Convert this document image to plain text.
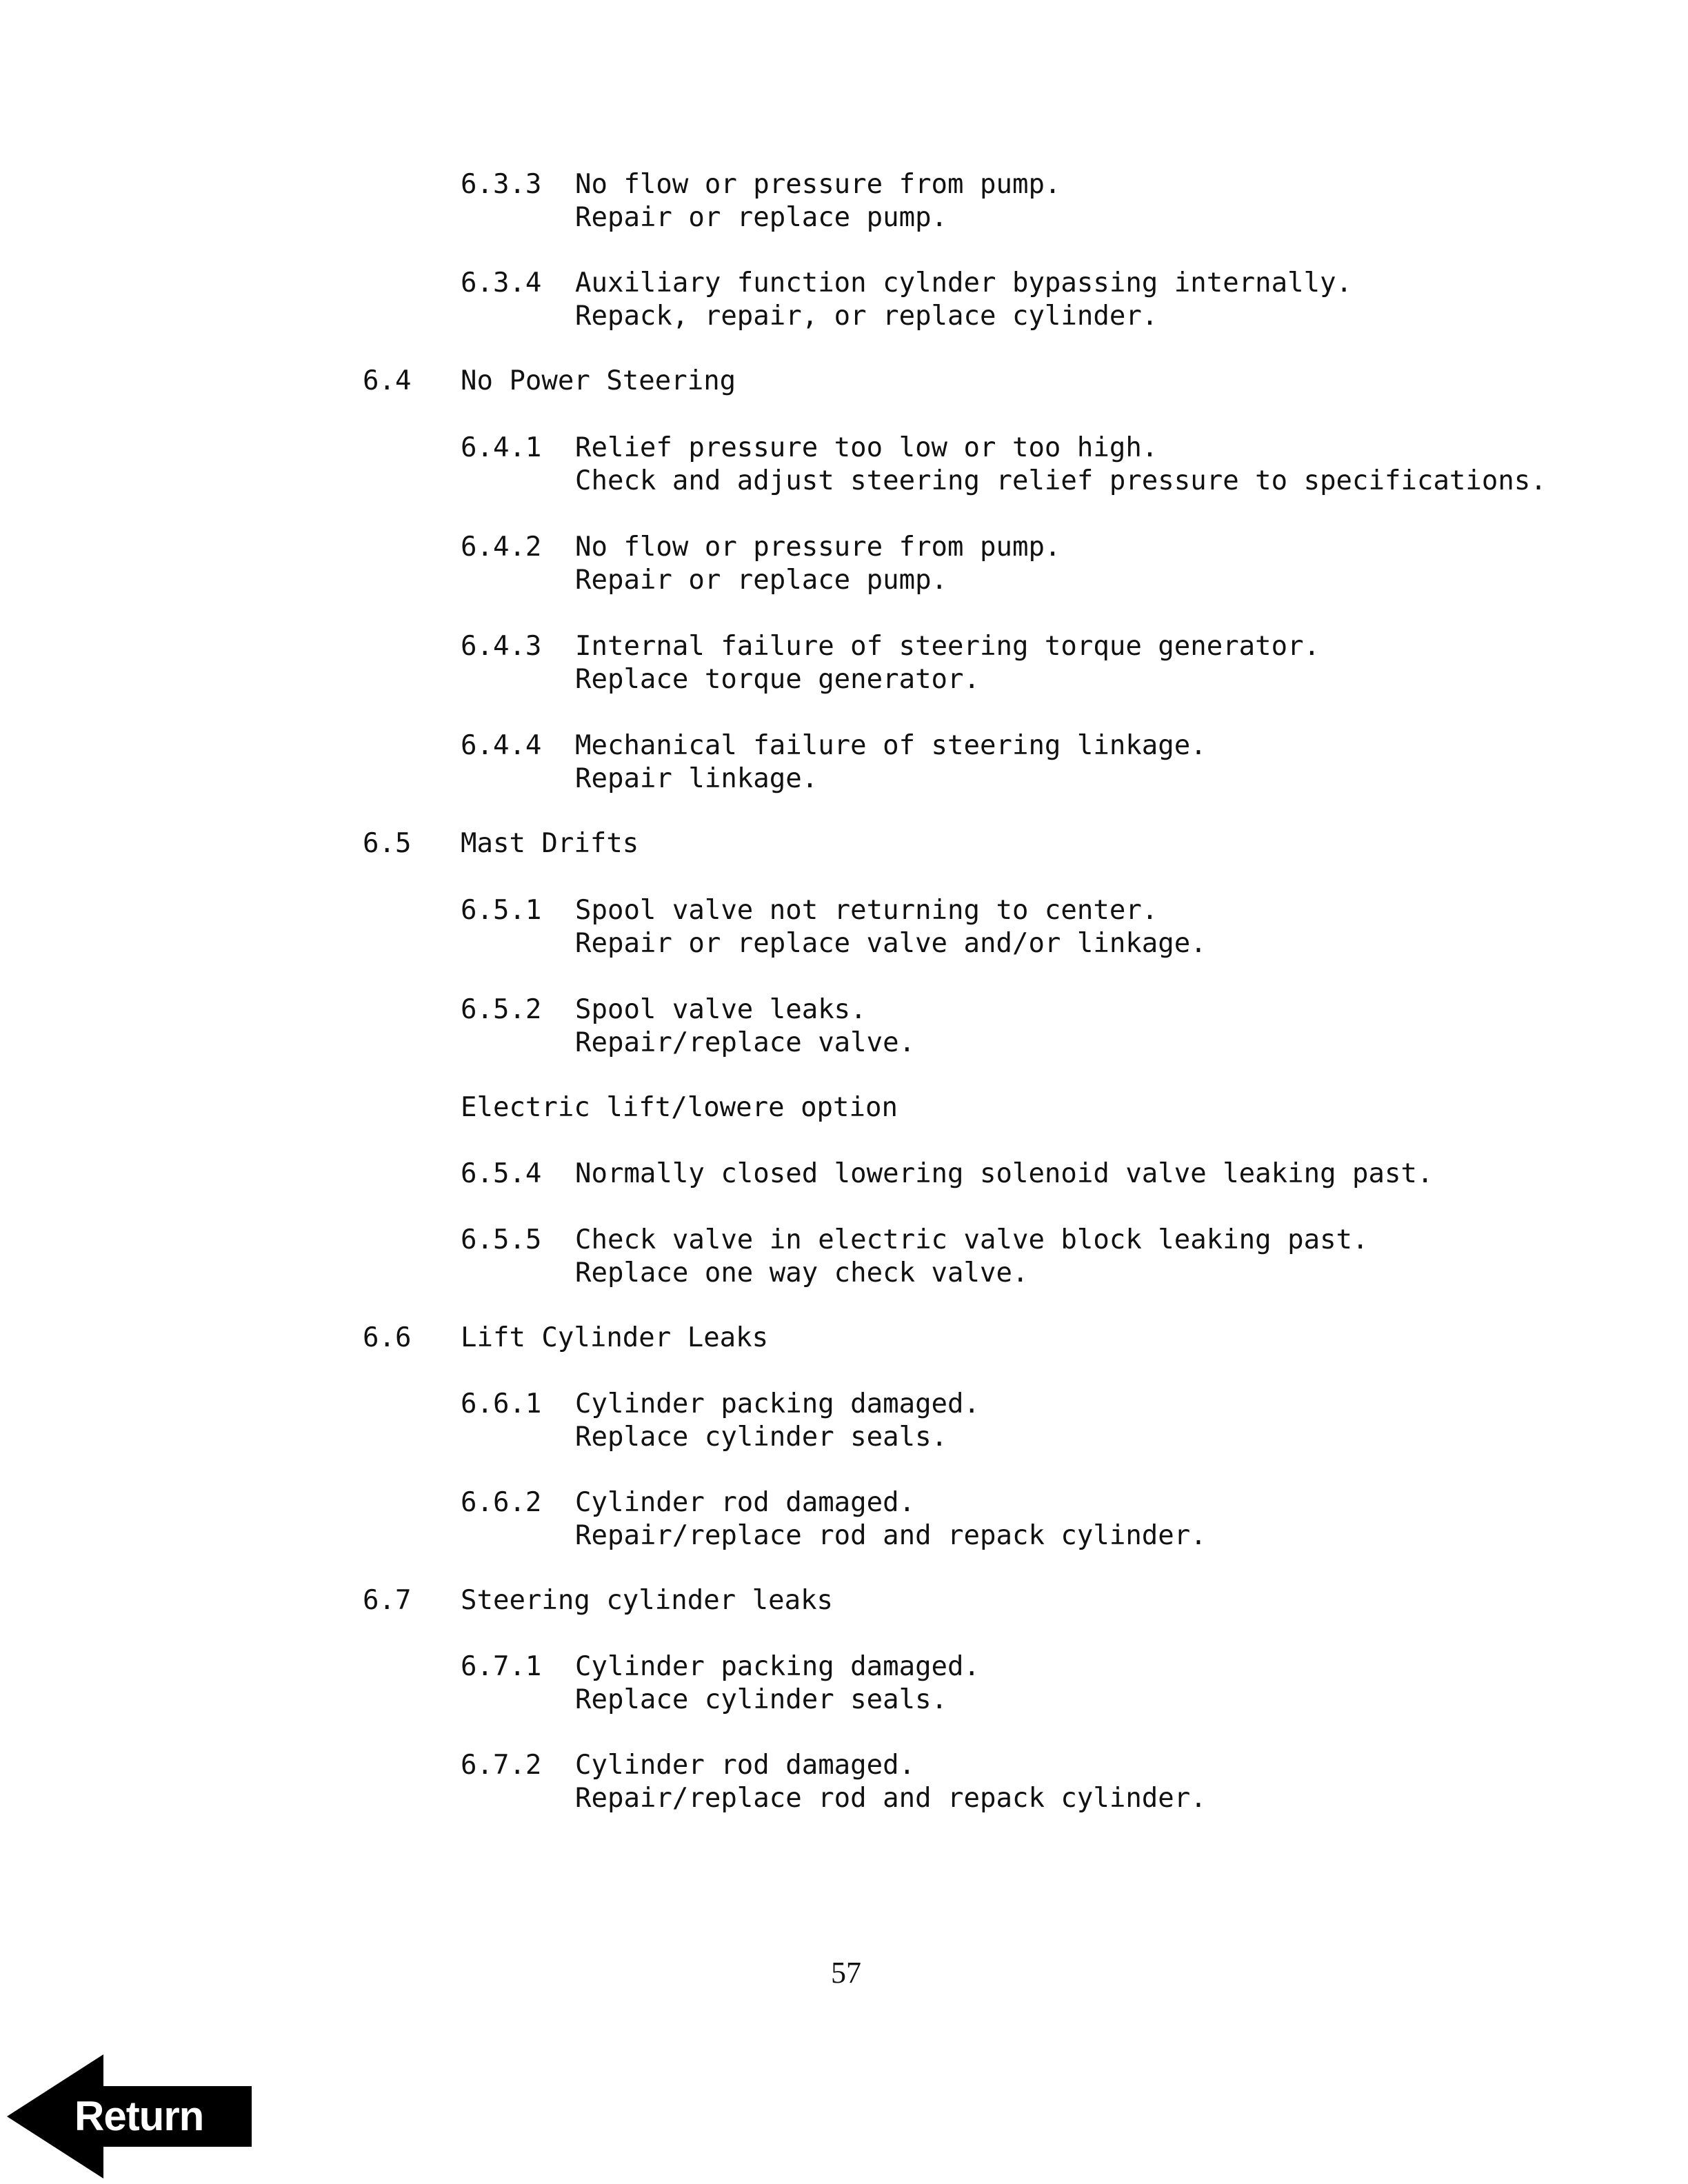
6.3.3 No flow or pressure from pump.
Repair or replace pump.
6.3.4 Auxiliary function cylnder bypassing internally.
Repack, repair, or replace cylinder.
6.4 No Power Steering
6.4.1 Relief pressure too low or too high.
Check and adjust steering relief pressure to specifications.
6.4.2 No flow or pressure from pump.
Repair or replace pump.
6.4.3 Internal failure of steering torque generator.
Replace torque generator.
6.4.4 Mechanical failure of steering linkage.
Repair linkage.
6.5 Mast Drifts
6.5.1 Spool valve not returning to center.
Repair or replace valve and/or linkage.
6.5.2 Spool valve leaks.
Repair/replace valve.
Electric lift/lowere option
6.5.4 Normally closed lowering solenoid valve leaking past.
6.5.5 Check valve in electric valve block leaking past.
Replace one way check valve.
6.6 Lift Cylinder Leaks
6.6.1 Cylinder packing damaged.
Replace cylinder seals.
6.6.2 Cylinder rod damaged.
Repair/replace rod and repack cylinder.
6.7 Steering cylinder leaks
6.7.1 Cylinder packing damaged.
Replace cylinder seals.
6.7.2 Cylinder rod damaged.
Repair/replace rod and repack cylinder.
57
Return
